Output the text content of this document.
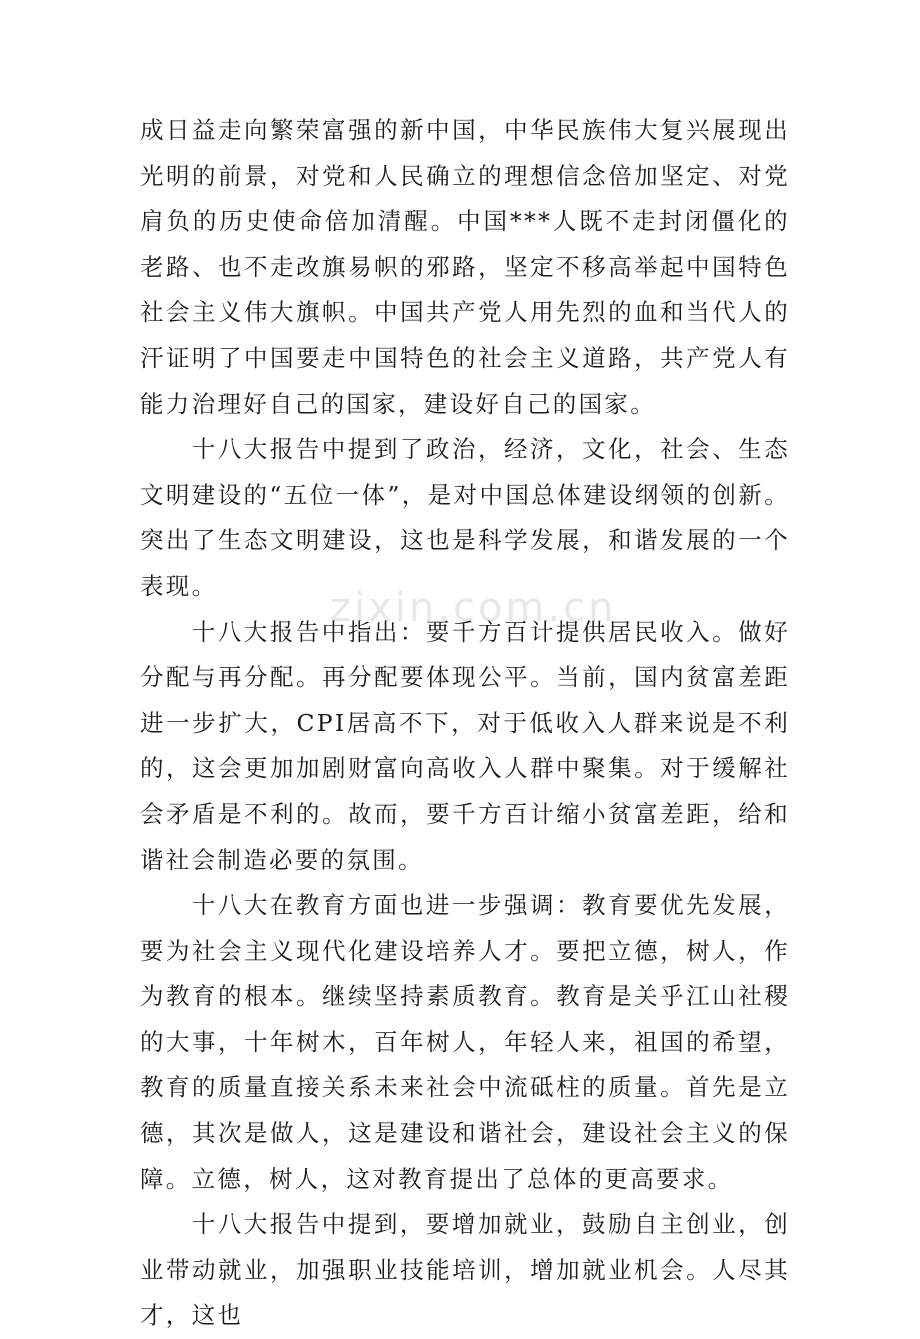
zixin.com.cn

成日益走向繁荣富强的新中国，中华民族伟大复兴展现出光明的前景，对党和人民确立的理想信念倍加坚定、对党肩负的历史使命倍加清醒。中国***人既不走封闭僵化的老路、也不走改旗易帜的邪路，坚定不移高举起中国特色社会主义伟大旗帜。中国共产党人用先烈的血和当代人的汗证明了中国要走中国特色的社会主义道路，共产党人有能力治理好自己的国家，建设好自己的国家。

十八大报告中提到了政治，经济，文化，社会、生态文明建设的“五位一体”，是对中国总体建设纲领的创新。突出了生态文明建设，这也是科学发展，和谐发展的一个表现。

十八大报告中指出：要千方百计提供居民收入。做好分配与再分配。再分配要体现公平。当前，国内贫富差距进一步扩大，CPI居高不下，对于低收入人群来说是不利的，这会更加加剧财富向高收入人群中聚集。对于缓解社会矛盾是不利的。故而，要千方百计缩小贫富差距，给和谐社会制造必要的氛围。

十八大在教育方面也进一步强调：教育要优先发展，要为社会主义现代化建设培养人才。要把立德，树人，作为教育的根本。继续坚持素质教育。教育是关乎江山社稷的大事，十年树木，百年树人，年轻人来，祖国的希望，教育的质量直接关系未来社会中流砥柱的质量。首先是立德，其次是做人，这是建设和谐社会，建设社会主义的保障。立德，树人，这对教育提出了总体的更高要求。

十八大报告中提到，要增加就业，鼓励自主创业，创业带动就业，加强职业技能培训，增加就业机会。人尽其才，这也
